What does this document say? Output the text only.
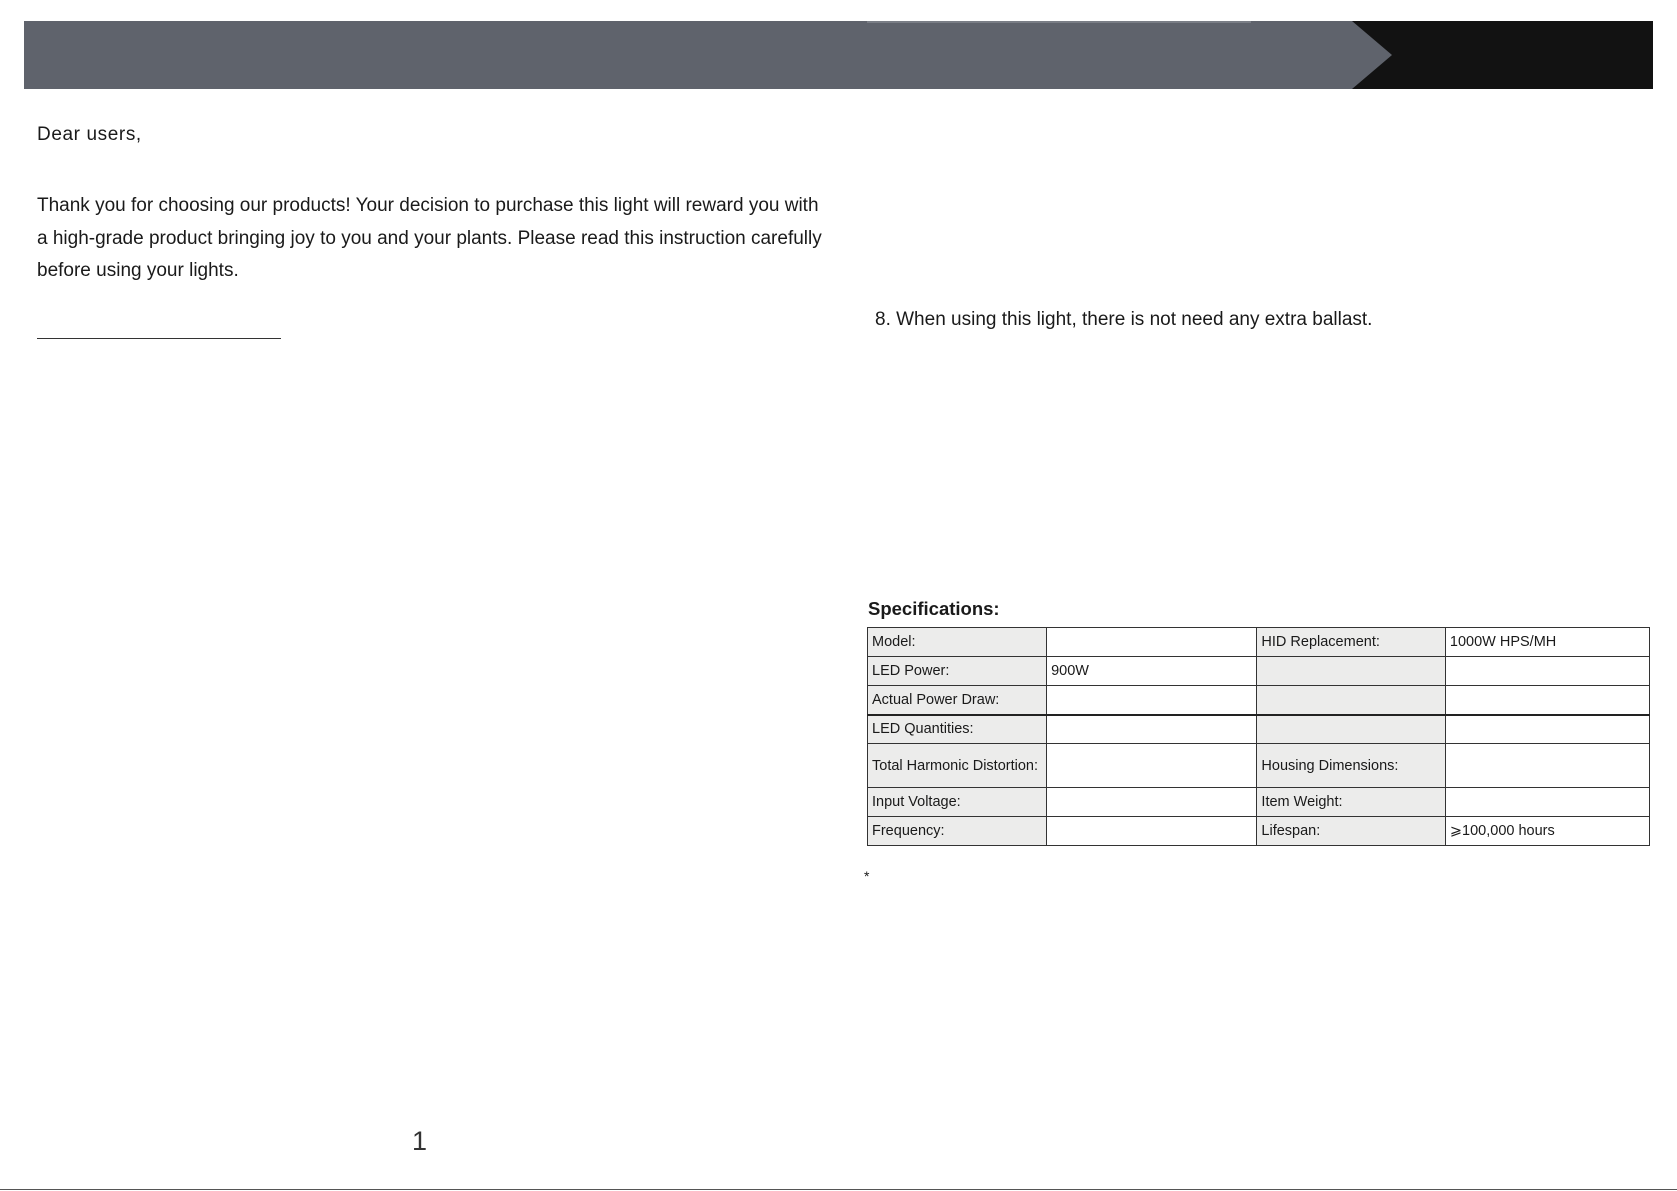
Dear users,
Thank you for choosing our products! Your decision to purchase this light will reward you with a high-grade product bringing joy to you and your plants. Please read this instruction carefully before using your lights.
8. When using this light, there is not need any extra ballast.
Specifications:
Model:		HID Replacement:	1000W HPS/MH
LED Power:	900W		
Actual Power Draw:			
LED Quantities:			
Total Harmonic Distortion:		Housing Dimensions:	
Input Voltage:		Item Weight:	
Frequency:		Lifespan:	⩾100,000 hours
*
1
